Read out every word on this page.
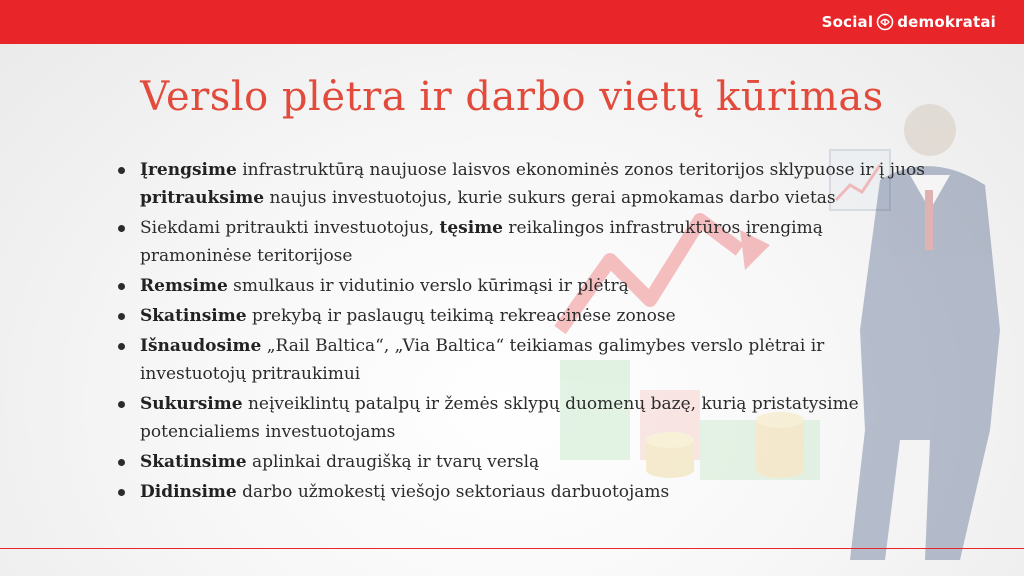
Social demokratai
Verslo plėtra ir darbo vietų kūrimas
Įrengsime infrastruktūrą naujuose laisvos ekonominės zonos teritorijos sklypuose ir į juos pritrauksime naujus investuotojus, kurie sukurs gerai apmokamas darbo vietas
Siekdami pritraukti investuotojus, tęsime reikalingos infrastruktūros įrengimą pramoninėse teritorijose
Remsime smulkaus ir vidutinio verslo kūrimąsi ir plėtrą
Skatinsime prekybą ir paslaugų teikimą rekreacinėse zonose
Išnaudosime „Rail Baltica“, „Via Baltica“ teikiamas galimybes verslo plėtrai ir investuotojų pritraukimui
Sukursime neįveiklintų patalpų ir žemės sklypų duomenų bazę, kurią pristatysime potencialiems investuotojams
Skatinsime aplinkai draugišką ir tvarų verslą
Didinsime darbo užmokestį viešojo sektoriaus darbuotojams
